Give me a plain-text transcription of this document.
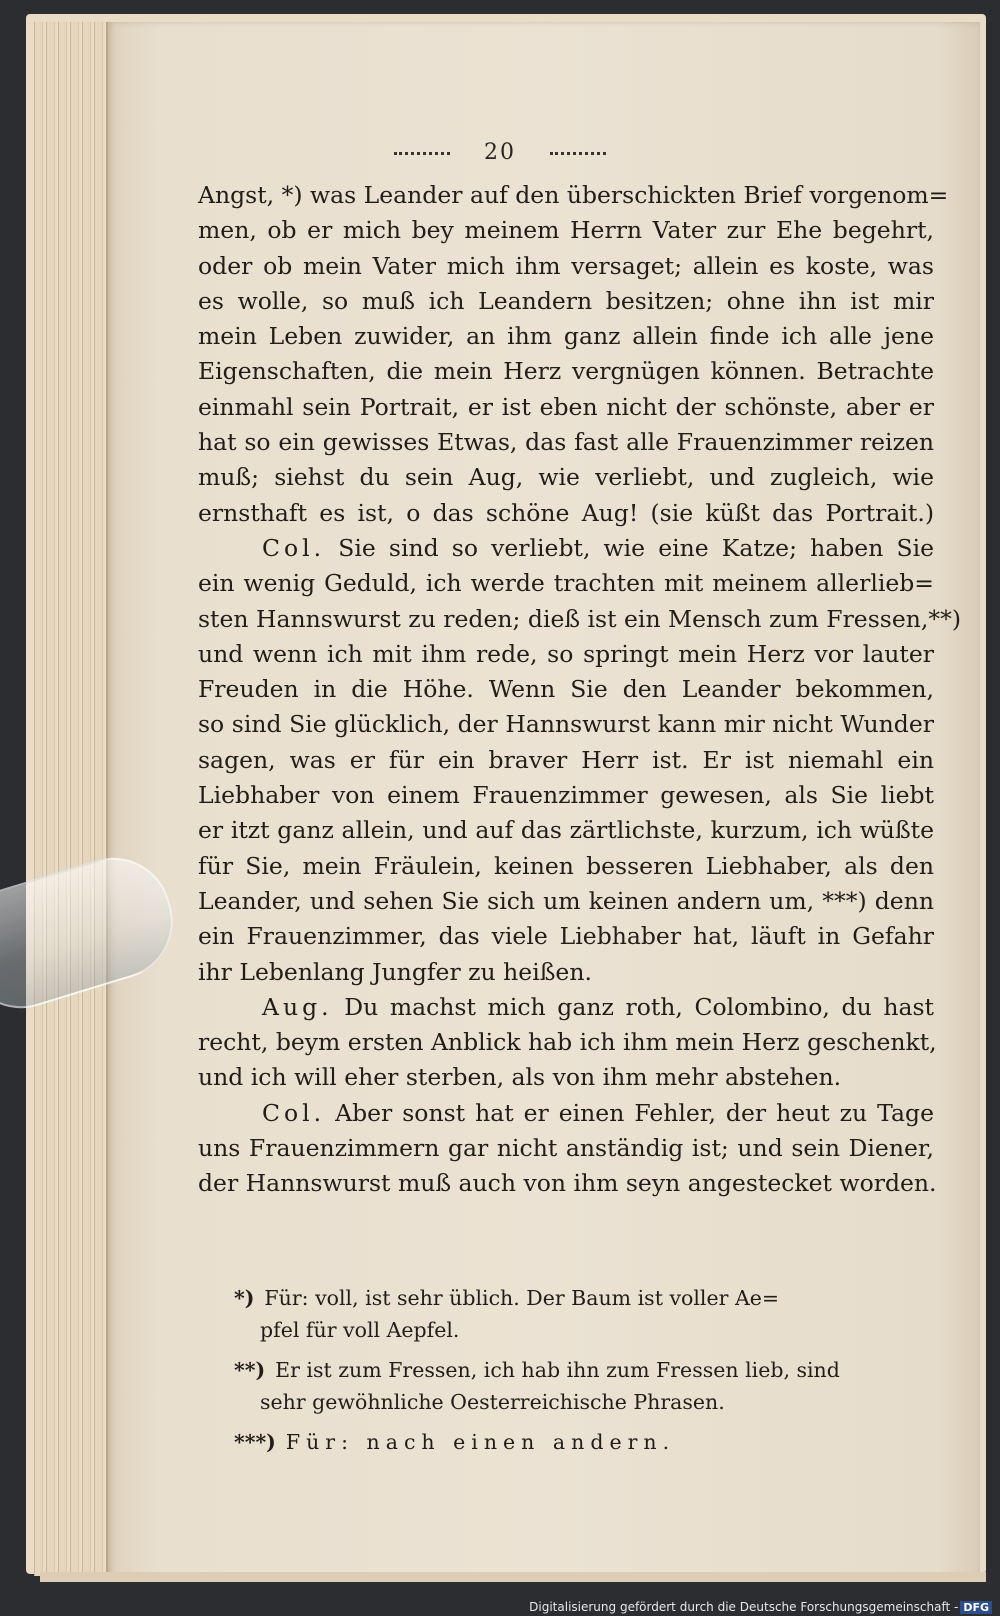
20
Angst, *) was Leander auf den überschickten Brief vorgenom=
men, ob er mich bey meinem Herrn Vater zur Ehe begehrt,
oder ob mein Vater mich ihm versaget; allein es koste, was
es wolle, so muß ich Leandern besitzen; ohne ihn ist mir
mein Leben zuwider, an ihm ganz allein finde ich alle jene
Eigenschaften, die mein Herz vergnügen können. Betrachte
einmahl sein Portrait, er ist eben nicht der schönste, aber er
hat so ein gewisses Etwas, das fast alle Frauenzimmer reizen
muß; siehst du sein Aug, wie verliebt, und zugleich, wie
ernsthaft es ist, o das schöne Aug! (sie küßt das Portrait.)
Col. Sie sind so verliebt, wie eine Katze; haben Sie
ein wenig Geduld, ich werde trachten mit meinem allerlieb=
sten Hannswurst zu reden; dieß ist ein Mensch zum Fressen,**)
und wenn ich mit ihm rede, so springt mein Herz vor lauter
Freuden in die Höhe. Wenn Sie den Leander bekommen,
so sind Sie glücklich, der Hannswurst kann mir nicht Wunder
sagen, was er für ein braver Herr ist. Er ist niemahl ein
Liebhaber von einem Frauenzimmer gewesen, als Sie liebt
er itzt ganz allein, und auf das zärtlichste, kurzum, ich wüßte
für Sie, mein Fräulein, keinen besseren Liebhaber, als den
Leander, und sehen Sie sich um keinen andern um, ***) denn
ein Frauenzimmer, das viele Liebhaber hat, läuft in Gefahr
ihr Lebenlang Jungfer zu heißen.
Aug. Du machst mich ganz roth, Colombino, du hast
recht, beym ersten Anblick hab ich ihm mein Herz geschenkt,
und ich will eher sterben, als von ihm mehr abstehen.
Col. Aber sonst hat er einen Fehler, der heut zu Tage
uns Frauenzimmern gar nicht anständig ist; und sein Diener,
der Hannswurst muß auch von ihm seyn angestecket worden.
*) Für: voll, ist sehr üblich. Der Baum ist voller Ae=
pfel für voll Aepfel.
**) Er ist zum Fressen, ich hab ihn zum Fressen lieb, sind
sehr gewöhnliche Oesterreichische Phrasen.
***) Für: nach einen andern.
Digitalisierung gefördert durch die Deutsche Forschungsgemeinschaft - DFG
